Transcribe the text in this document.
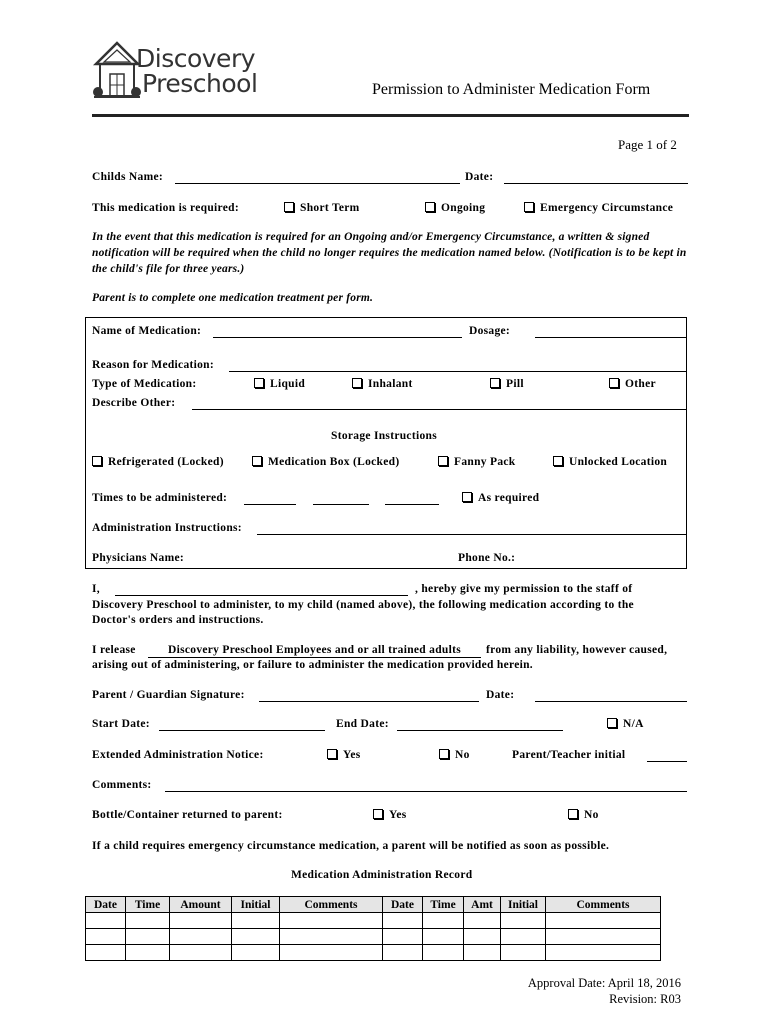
Discovery
Preschool	Permission to Administer Medication Form
Page 1 of 2
Childs Name:	Date:
This medication is required:	Short Term	Ongoing	Emergency Circumstance
In the event that this medication is required for an Ongoing and/or Emergency Circumstance, a written & signed notification will be required when the child no longer requires the medication named below. (Notification is to be kept in the child's file for three years.)
Parent is to complete one medication treatment per form.
Name of Medication:	Dosage:
Reason for Medication:
Type of Medication:	Liquid	Inhalant	Pill	Other
Describe Other:
Storage Instructions
Refrigerated (Locked)	Medication Box (Locked)	Fanny Pack	Unlocked Location
Times to be administered:	As required
Administration Instructions:
Physicians Name:	Phone No.:
I,	, hereby give my permission to the staff of
Discovery Preschool to administer, to my child (named above), the following medication according to the
Doctor's orders and instructions.
I release	Discovery Preschool Employees and or all trained adults	from any liability, however caused,
arising out of administering, or failure to administer the medication provided herein.
Parent / Guardian Signature:	Date:
Start Date:	End Date:	N/A
Extended Administration Notice:	Yes	No	Parent/Teacher initial
Comments:
Bottle/Container returned to parent:	Yes	No
If a child requires emergency circumstance medication, a parent will be notified as soon as possible.
Medication Administration Record
Date	Time	Amount	Initial	Comments	Date	Time	Amt	Initial	Comments

Approval Date: April 18, 2016
Revision: R03
